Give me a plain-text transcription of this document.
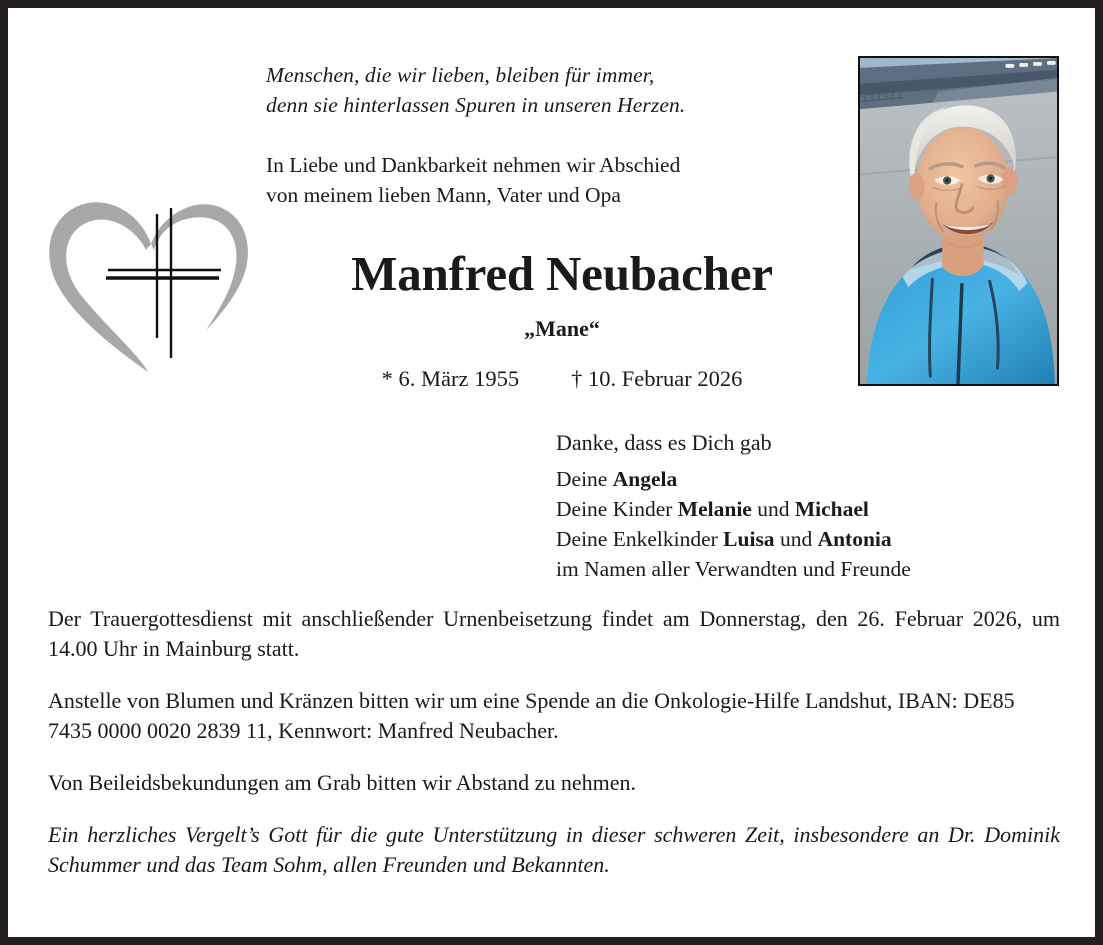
Menschen, die wir lieben, bleiben für immer,
denn sie hinterlassen Spuren in unseren Herzen.
In Liebe und Dankbarkeit nehmen wir Abschied
von meinem lieben Mann, Vater und Opa
Manfred Neubacher
„Mane“
* 6. März 1955 † 10. Februar 2026
Danke, dass es Dich gab
Deine Angela
Deine Kinder Melanie und Michael
Deine Enkelkinder Luisa und Antonia
im Namen aller Verwandten und Freunde

Der Trauergottesdienst mit anschließender Urnenbeisetzung findet am Donnerstag, den 26. Februar 2026, um 14.00 Uhr in Mainburg statt.

Anstelle von Blumen und Kränzen bitten wir um eine Spende an die Onkologie-Hilfe Landshut, IBAN: DE85 7435 0000 0020 2839 11, Kennwort: Manfred Neubacher.

Von Beileidsbekundungen am Grab bitten wir Abstand zu nehmen.

Ein herzliches Vergelt’s Gott für die gute Unterstützung in dieser schweren Zeit, insbesondere an Dr. Dominik Schummer und das Team Sohm, allen Freunden und Bekannten.
